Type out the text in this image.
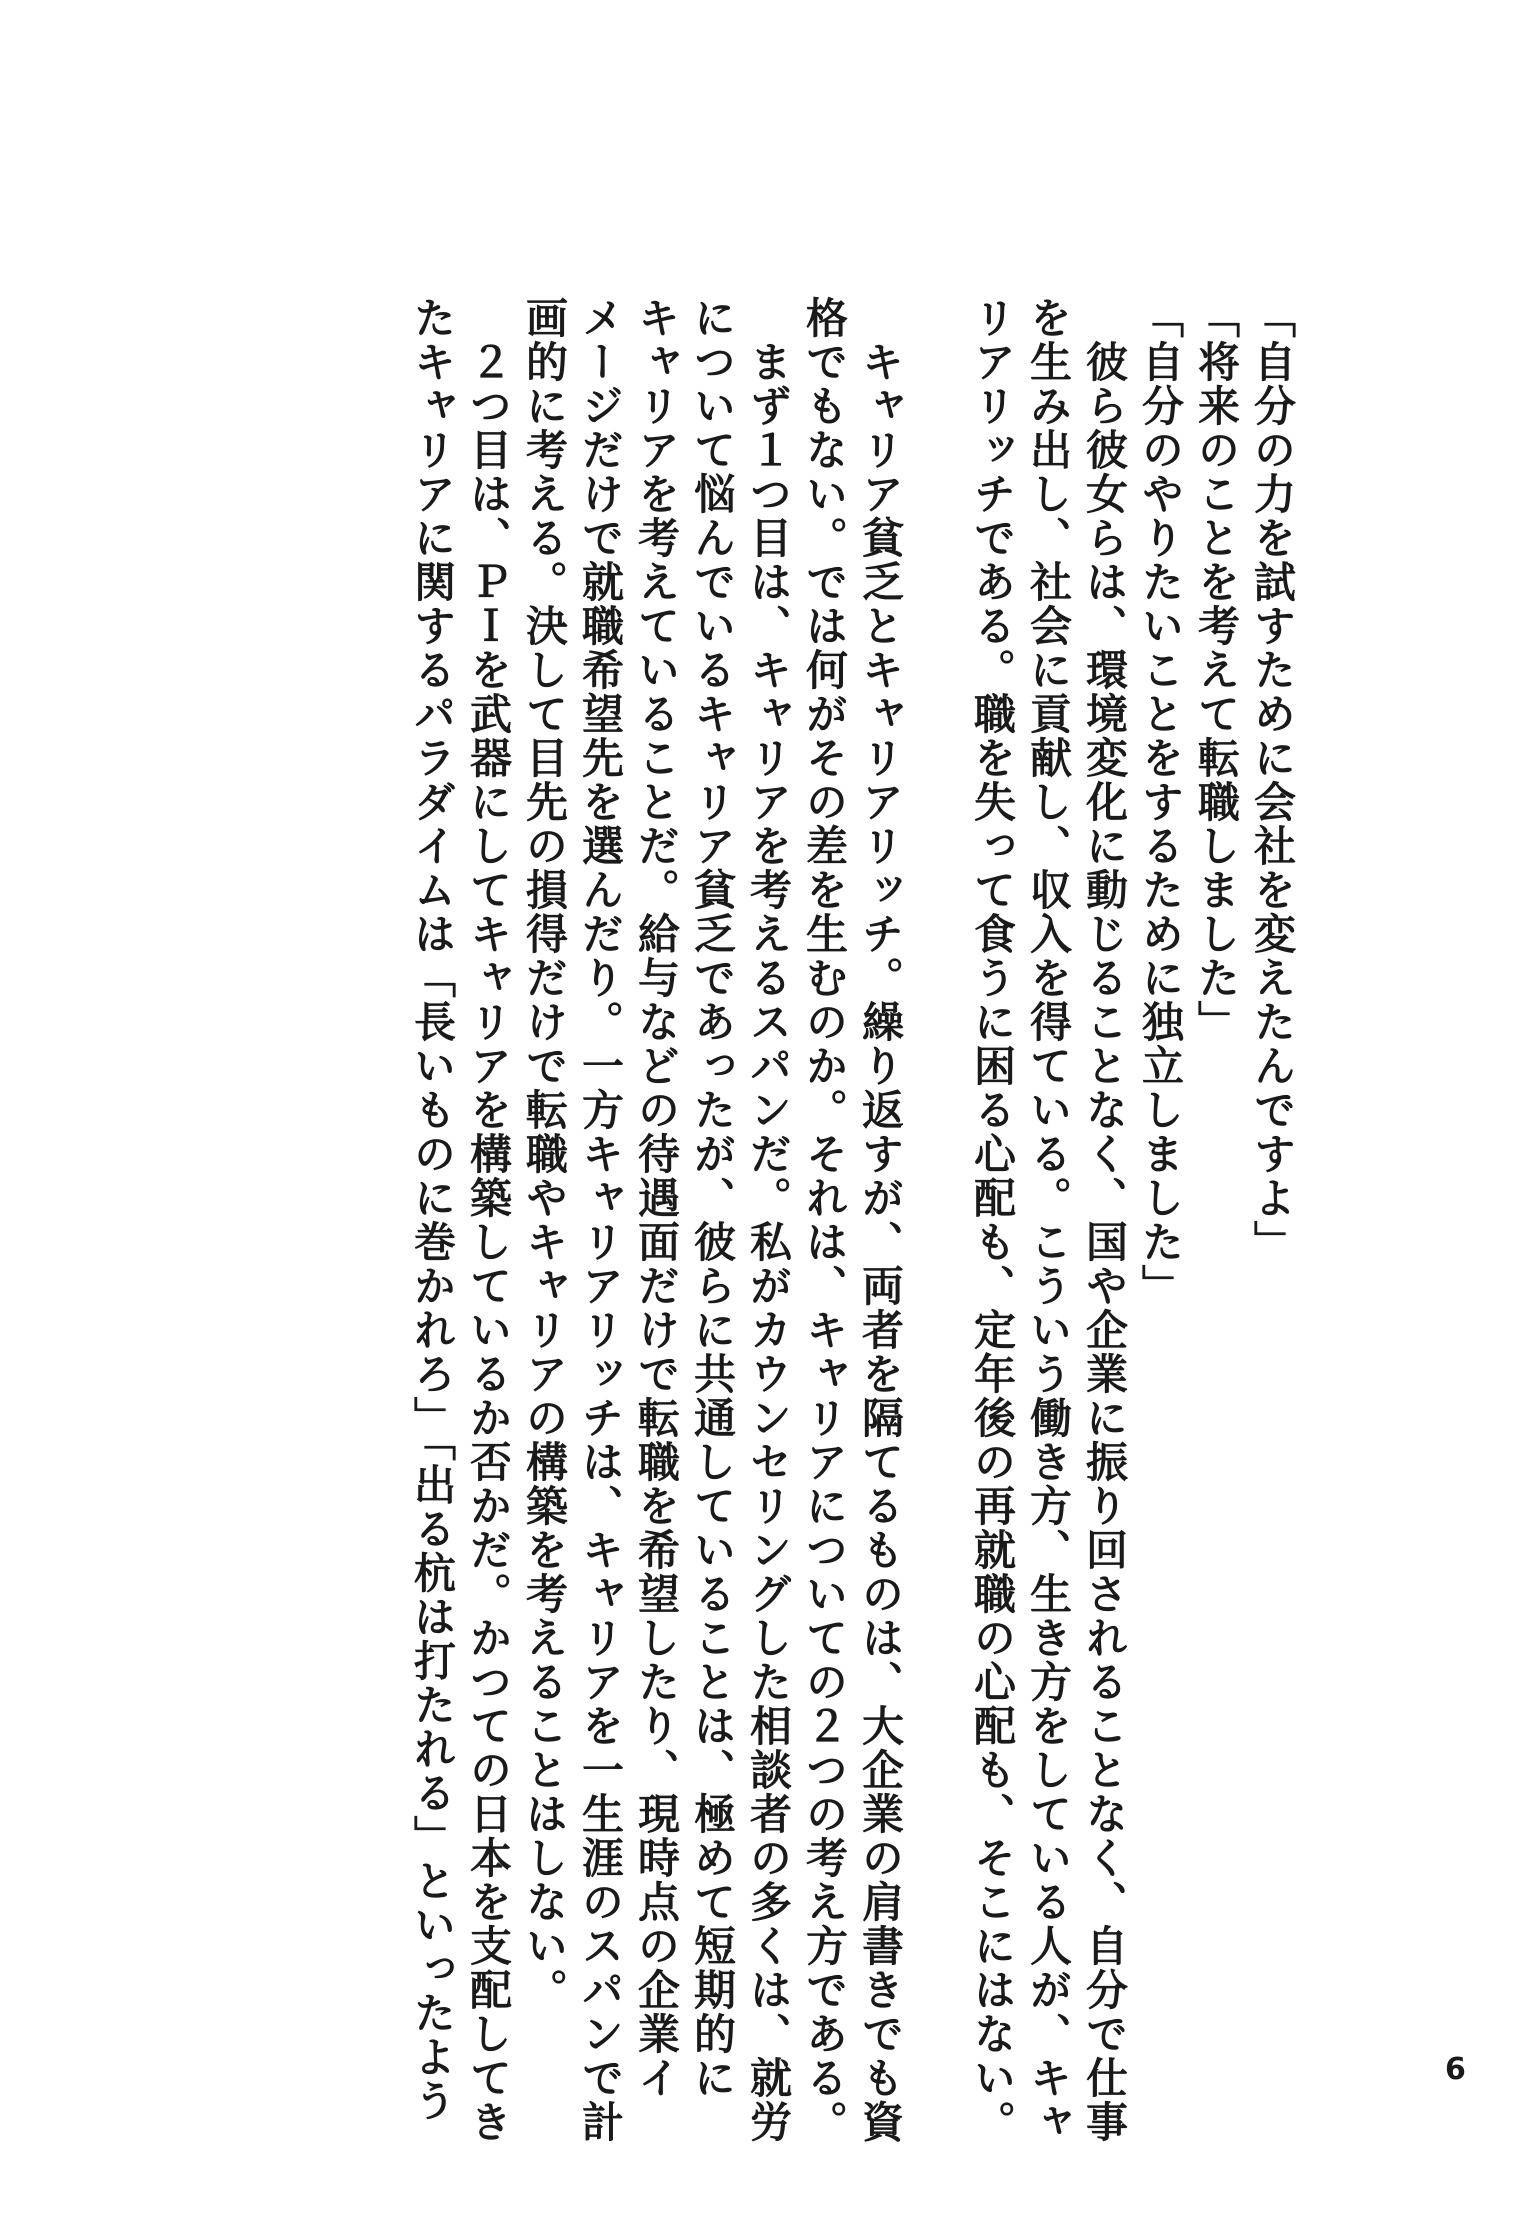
「自分の力を試すために会社を変えたんですよ」
「将来のことを考えて転職しました」
「自分のやりたいことをするために独立しました」
　彼ら彼女らは、環境変化に動じることなく、国や企業に振り回されることなく、自分で仕事
を生み出し、社会に貢献し、収入を得ている。こういう働き方、生き方をしている人が、キャ
リアリッチである。職を失って食うに困る心配も、定年後の再就職の心配も、そこにはない。
　キャリア貧乏とキャリアリッチ。繰り返すが、両者を隔てるものは、大企業の肩書きでも資
格でもない。では何がその差を生むのか。それは、キャリアについての２つの考え方である。
　まず１つ目は、キャリアを考えるスパンだ。私がカウンセリングした相談者の多くは、就労
について悩んでいるキャリア貧乏であったが、彼らに共通していることは、極めて短期的に
キャリアを考えていることだ。給与などの待遇面だけで転職を希望したり、現時点の企業イ
メージだけで就職希望先を選んだり。一方キャリアリッチは、キャリアを一生涯のスパンで計
画的に考える。決して目先の損得だけで転職やキャリアの構築を考えることはしない。
　２つ目は、ＰＩを武器にしてキャリアを構築しているか否かだ。かつての日本を支配してき
たキャリアに関するパラダイムは「長いものに巻かれろ」「出る杭は打たれる」といったよう	6
